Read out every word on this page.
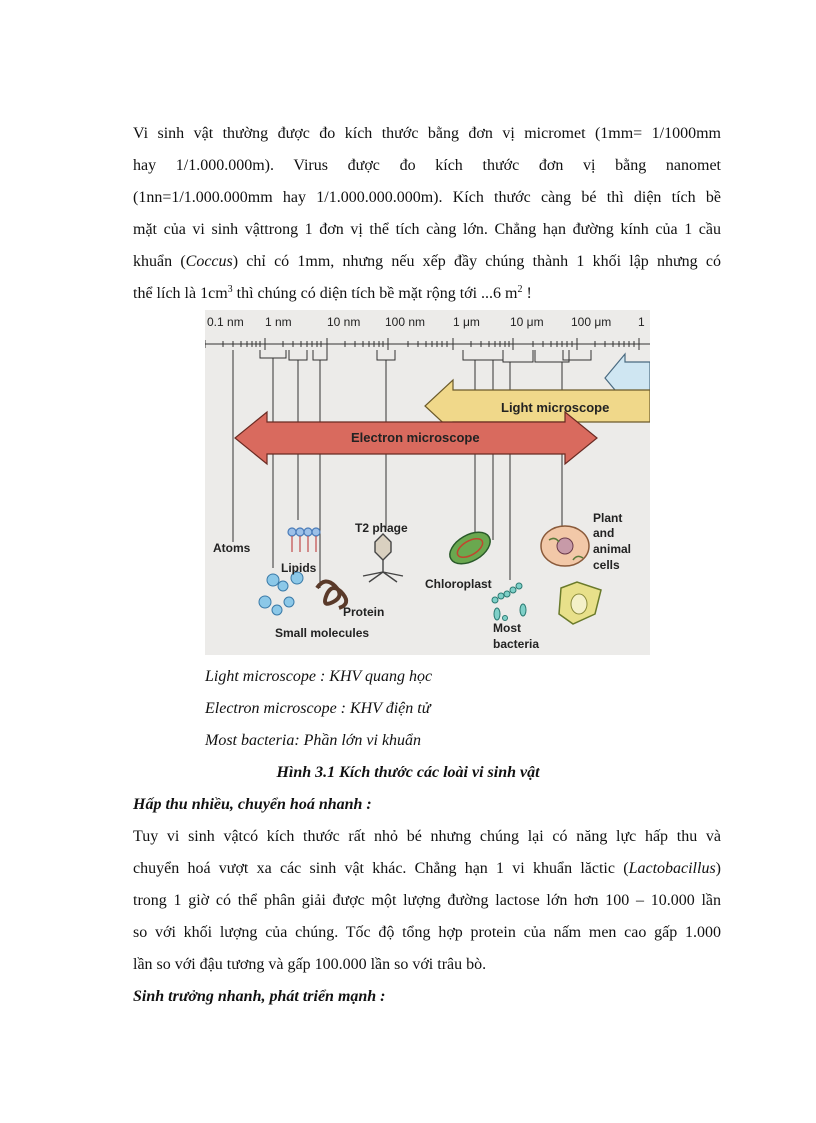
Vi sinh vật thường được đo kích thước bằng đơn vị micromet (1mm= 1/1000mm

hay 1/1.000.000m). Virus được đo kích thước đơn vị bằng nanomet

(1nn=1/1.000.000mm hay 1/1.000.000.000m). Kích thước càng bé thì diện tích bề

mặt của vi sinh vậttrong 1 đơn vị thể tích càng lớn. Chẳng hạn đường kính của 1 cầu

khuẩn (Coccus) chỉ có 1mm, nhưng nếu xếp đầy chúng thành 1 khối lập nhưng có

thể lích là $1cm^3$ thì chúng có diện tích bề mặt rộng tới ...6 $m^2$ !

0.1 nm 1 nm	10 nm 100 nm 1 μm	10 μm 100 μm 1
Light microscope
Electron microscope
Atoms
Lipids
T2 phage
Protein
Small molecules
Chloroplast
Most
bacteria
Plant
and
animal
cells
Light microscope : KHV quang học
Electron microscope : KHV điện tử
Most bacteria: Phần lớn vi khuẩn
Hình 3.1 Kích thước các loài vi sinh vật
Hấp thu nhiều, chuyển hoá nhanh :

Tuy vi sinh vậtcó kích thước rất nhỏ bé nhưng chúng lại có năng lực hấp thu và

chuyển hoá vượt xa các sinh vật khác. Chẳng hạn 1 vi khuẩn lăctic (Lactobacillus)

trong 1 giờ có thể phân giải được một lượng đường lactose lớn hơn 100 – 10.000 lần

so với khối lượng của chúng. Tốc độ tổng hợp protein của nấm men cao gấp 1.000

lần so với đậu tương và gấp 100.000 lần so với trâu bò.

Sinh trưởng nhanh, phát triển mạnh :
